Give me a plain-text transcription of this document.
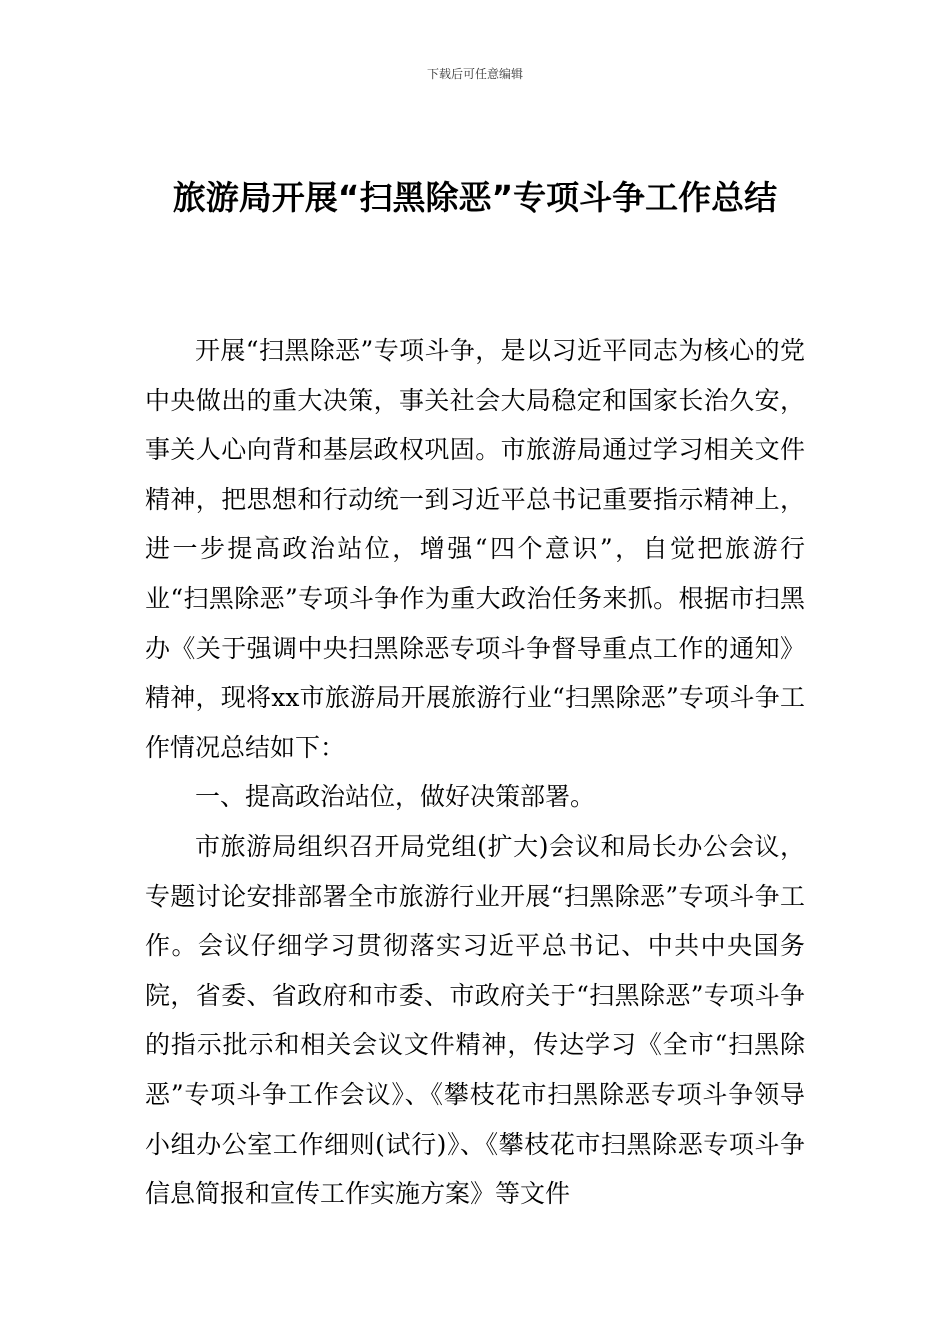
下载后可任意编辑
旅游局开展“扫黑除恶”专项斗争工作总结

开展“扫黑除恶”专项斗争，是以习近平同志为核心的党中央做出的重大决策，事关社会大局稳定和国家长治久安，事关人心向背和基层政权巩固。市旅游局通过学习相关文件精神，把思想和行动统一到习近平总书记重要指示精神上，进一步提高政治站位，增强“四个意识”，自觉把旅游行业“扫黑除恶”专项斗争作为重大政治任务来抓。根据市扫黑办《关于强调中央扫黑除恶专项斗争督导重点工作的通知》精神，现将xx市旅游局开展旅游行业“扫黑除恶”专项斗争工作情况总结如下：

一、提高政治站位，做好决策部署。

市旅游局组织召开局党组(扩大)会议和局长办公会议，专题讨论安排部署全市旅游行业开展“扫黑除恶”专项斗争工作。会议仔细学习贯彻落实习近平总书记、中共中央国务院，省委、省政府和市委、市政府关于“扫黑除恶”专项斗争的指示批示和相关会议文件精神，传达学习《全市“扫黑除恶”专项斗争工作会议》、《攀枝花市扫黑除恶专项斗争领导小组办公室工作细则(试行)》、《攀枝花市扫黑除恶专项斗争信息简报和宣传工作实施方案》等文件
